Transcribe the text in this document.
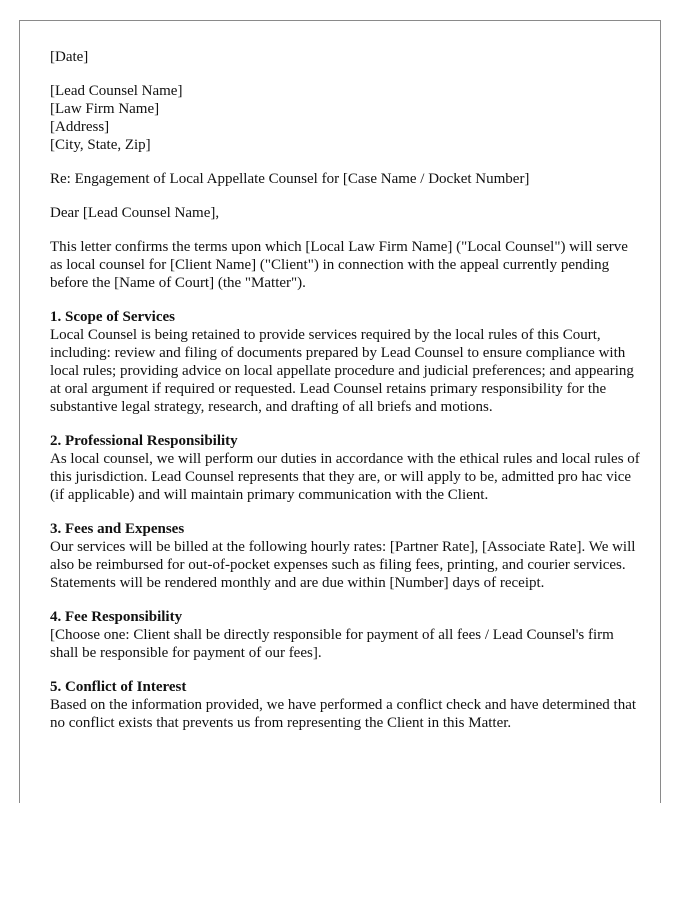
[Date]
[Lead Counsel Name]
[Law Firm Name]
[Address]
[City, State, Zip]
Re: Engagement of Local Appellate Counsel for [Case Name / Docket Number]
Dear [Lead Counsel Name],
This letter confirms the terms upon which [Local Law Firm Name] ("Local Counsel") will serve as local counsel for [Client Name] ("Client") in connection with the appeal currently pending before the [Name of Court] (the "Matter").
1. Scope of Services
Local Counsel is being retained to provide services required by the local rules of this Court, including: review and filing of documents prepared by Lead Counsel to ensure compliance with local rules; providing advice on local appellate procedure and judicial preferences; and appearing at oral argument if required or requested. Lead Counsel retains primary responsibility for the substantive legal strategy, research, and drafting of all briefs and motions.
2. Professional Responsibility
As local counsel, we will perform our duties in accordance with the ethical rules and local rules of this jurisdiction. Lead Counsel represents that they are, or will apply to be, admitted pro hac vice (if applicable) and will maintain primary communication with the Client.
3. Fees and Expenses
Our services will be billed at the following hourly rates: [Partner Rate], [Associate Rate]. We will also be reimbursed for out-of-pocket expenses such as filing fees, printing, and courier services. Statements will be rendered monthly and are due within [Number] days of receipt.
4. Fee Responsibility
[Choose one: Client shall be directly responsible for payment of all fees / Lead Counsel's firm shall be responsible for payment of our fees].
5. Conflict of Interest
Based on the information provided, we have performed a conflict check and have determined that no conflict exists that prevents us from representing the Client in this Matter.
